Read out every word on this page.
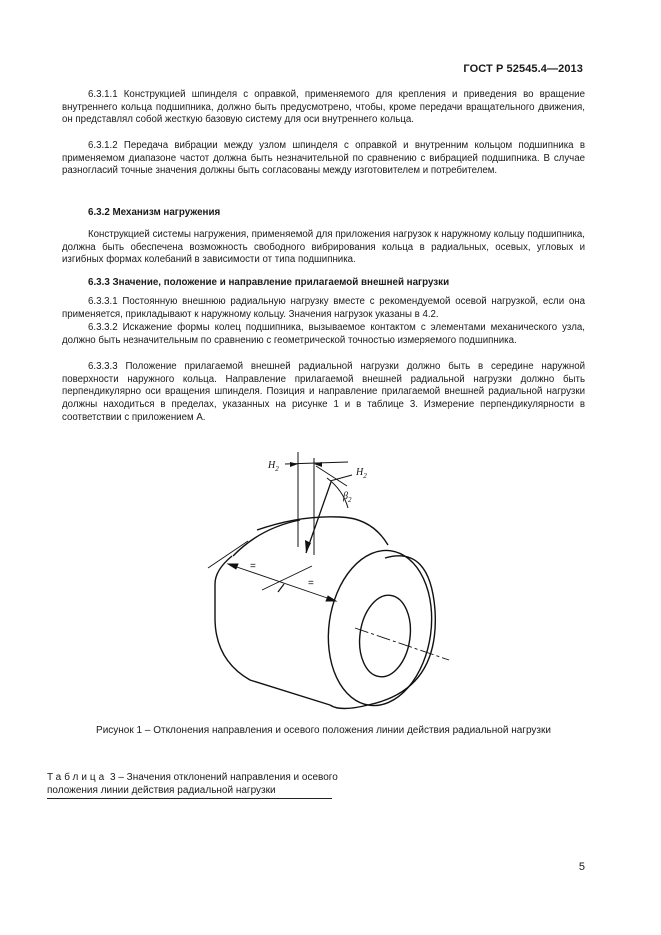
ГОСТ Р 52545.4—2013

6.3.1.1 Конструкцией шпинделя с оправкой, применяемого для крепления и приведения во вращение внутреннего кольца подшипника, должно быть предусмотрено, чтобы, кроме передачи вращательного движения, он представлял собой жесткую базовую систему для оси внутреннего кольца.

6.3.1.2 Передача вибрации между узлом шпинделя с оправкой и внутренним кольцом подшипника в применяемом диапазоне частот должна быть незначительной по сравнению с вибрацией подшипника. В случае разногласий точные значения должны быть согласованы между изготовителем и потребителем.

6.3.2 Механизм нагружения

Конструкцией системы нагружения, применяемой для приложения нагрузок к наружному кольцу подшипника, должна быть обеспечена возможность свободного вибрирования кольца в радиальных, осевых, угловых и изгибных формах колебаний в зависимости от типа подшипника.

6.3.3 Значение, положение и направление прилагаемой внешней нагрузки

6.3.3.1 Постоянную внешнюю радиальную нагрузку вместе с рекомендуемой осевой нагрузкой, если она применяется, прикладывают к наружному кольцу. Значения нагрузок указаны в 4.2.

6.3.3.2 Искажение формы колец подшипника, вызываемое контактом с элементами механического узла, должно быть незначительным по сравнению с геометрической точностью измеряемого подшипника.

6.3.3.3 Положение прилагаемой внешней радиальной нагрузки должно быть в середине наружной поверхности наружного кольца. Направление прилагаемой внешней радиальной нагрузки должно быть перпендикулярно оси вращения шпинделя. Позиция и направление прилагаемой внешней радиальной нагрузки должны находиться в пределах, указанных на рисунке 1 и в таблице 3. Измерение перпендикулярности в соответствии с приложением А.

$H_2$	$H_2$
$\beta_2$
=
=
Рисунок 1 – Отклонения направления и осевого положения линии действия радиальной нагрузки
Таблица 3 – Значения отклонений направления и осевого
положения линии действия радиальной нагрузки
5
